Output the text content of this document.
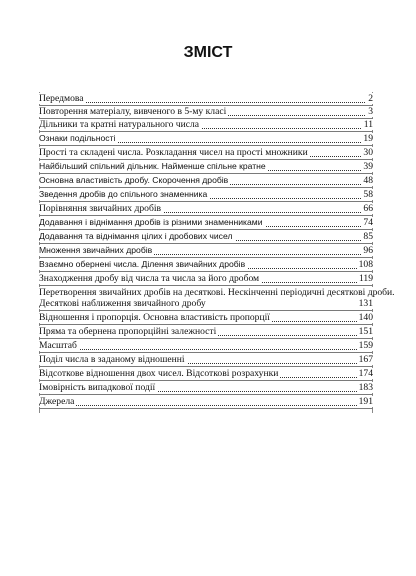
ЗМІСТ
Передмова	2
Повторення матеріалу, вивченого в 5-му класі	3
Дільники та кратні натурального числа	11
Ознаки подільності	19
Прості та складені числа. Розкладання чисел на прості множники	30
Найбільший спільний дільник. Найменше спільне кратне	39
Основна властивість дробу. Скорочення дробів	48
Зведення дробів до спільного знаменника	58
Порівняння звичайних дробів	66
Додавання і віднімання дробів із різними знаменниками	74
Додавання та віднімання цілих і дробових чисел	85
Множення звичайних дробів	96
Взаємно обернені числа. Ділення звичайних дробів	108
Знаходження дробу від числа та числа за його дробом	119
Перетворення звичайних дробів на десяткові. Нескінченні періодичні десяткові дроби.
Десяткові наближення звичайного дробу	131
Відношення і пропорція. Основна властивість пропорції	140
Пряма та обернена пропорційні залежності	151
Масштаб	159
Поділ числа в заданому відношенні	167
Відсоткове відношення двох чисел. Відсоткові розрахунки	174
Імовірність випадкової події	183
Джерела	191
